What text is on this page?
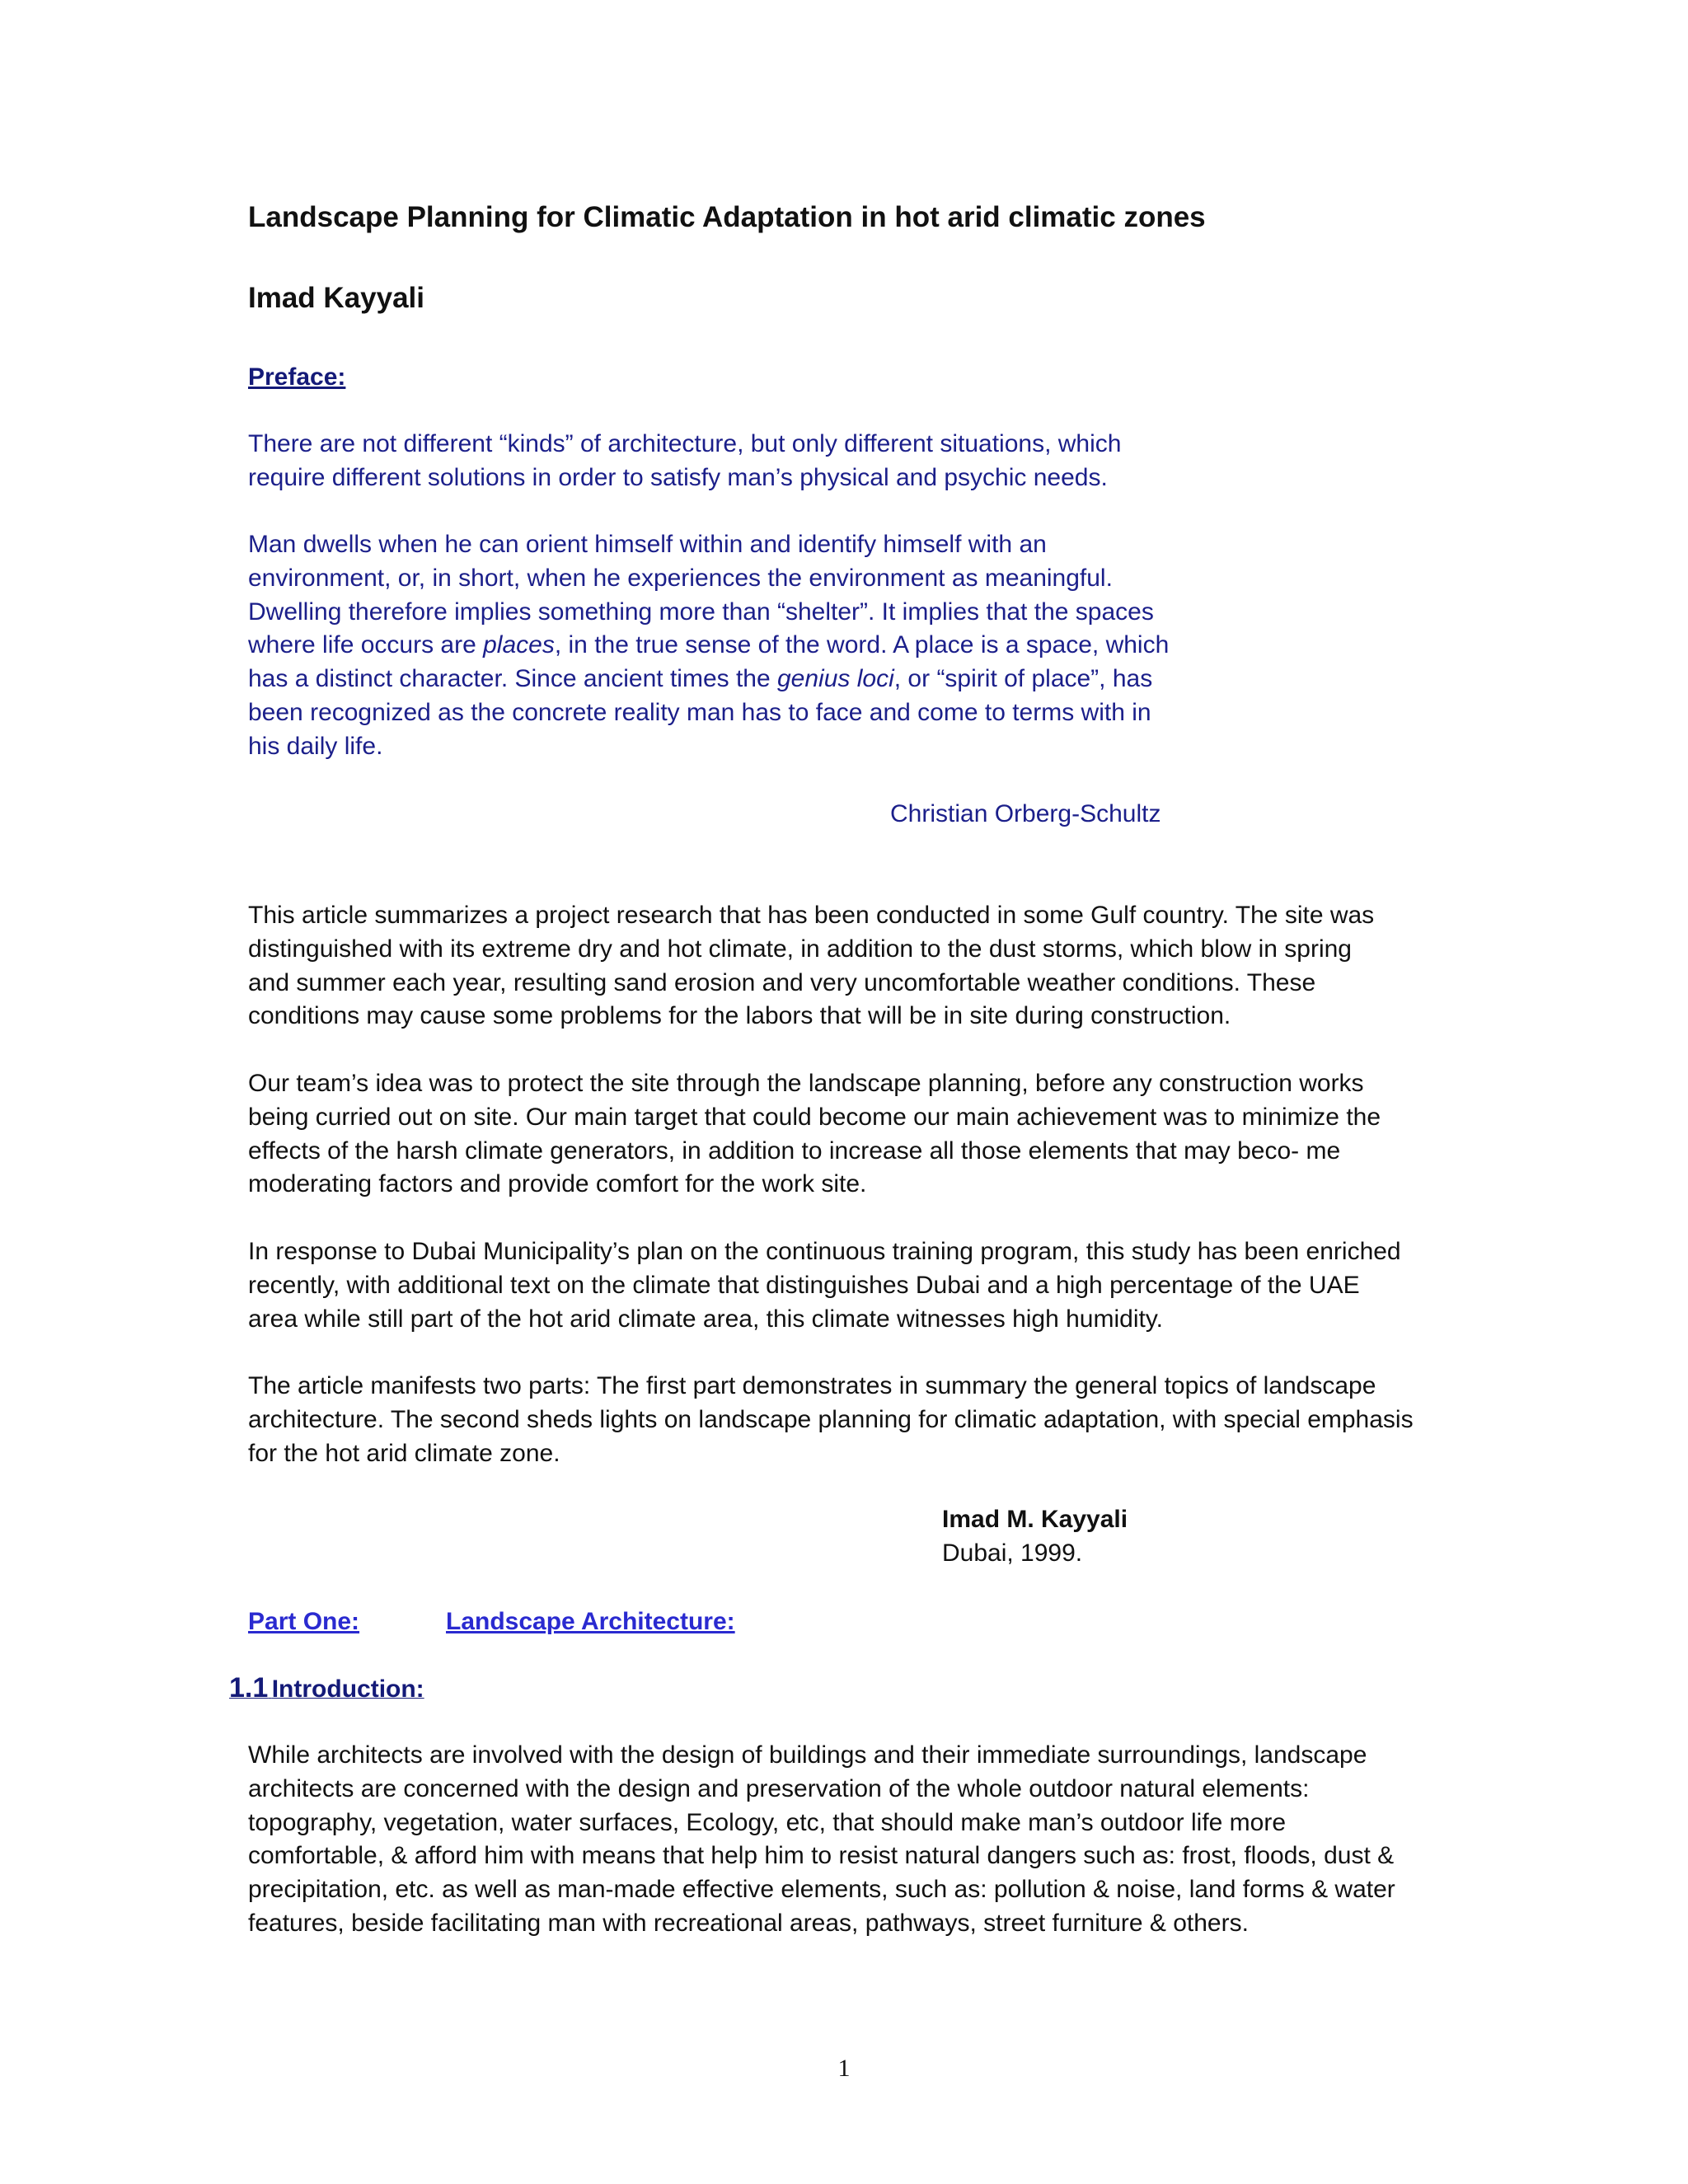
Landscape Planning for Climatic Adaptation in hot arid climatic zones
Imad Kayyali
Preface:

There are not different “kinds” of architecture, but only different situations, which
require different solutions in order to satisfy man’s physical and psychic needs.

Man dwells when he can orient himself within and identify himself with an
environment, or, in short, when he experiences the environment as meaningful.
Dwelling therefore implies something more than “shelter”. It implies that the spaces
where life occurs are places, in the true sense of the word. A place is a space, which
has a distinct character. Since ancient times the genius loci, or “spirit of place”, has
been recognized as the concrete reality man has to face and come to terms with in
his daily life.

Christian Orberg-Schultz

This article summarizes a project research that has been conducted in some Gulf country. The site was
distinguished with its extreme dry and hot climate, in addition to the dust storms, which blow in spring
and summer each year, resulting sand erosion and very uncomfortable weather conditions. These
conditions may cause some problems for the labors that will be in site during construction.

Our team’s idea was to protect the site through the landscape planning, before any construction works
being curried out on site. Our main target that could become our main achievement was to minimize the
effects of the harsh climate generators, in addition to increase all those elements that may beco- me
moderating factors and provide comfort for the work site.

In response to Dubai Municipality’s plan on the continuous training program, this study has been enriched
recently, with additional text on the climate that distinguishes Dubai and a high percentage of the UAE
area while still part of the hot arid climate area, this climate witnesses high humidity.

The article manifests two parts: The first part demonstrates in summary the general topics of landscape
architecture. The second sheds lights on landscape planning for climatic adaptation, with special emphasis
for the hot arid climate zone.

Imad M. Kayyali
Dubai, 1999.
Part One:	Landscape Architecture:
1.1 Introduction:

While architects are involved with the design of buildings and their immediate surroundings, landscape
architects are concerned with the design and preservation of the whole outdoor natural elements:
topography, vegetation, water surfaces, Ecology, etc, that should make man’s outdoor life more
comfortable, & afford him with means that help him to resist natural dangers such as: frost, floods, dust &
precipitation, etc. as well as man-made effective elements, such as: pollution & noise, land forms & water
features, beside facilitating man with recreational areas, pathways, street furniture & others.

1
